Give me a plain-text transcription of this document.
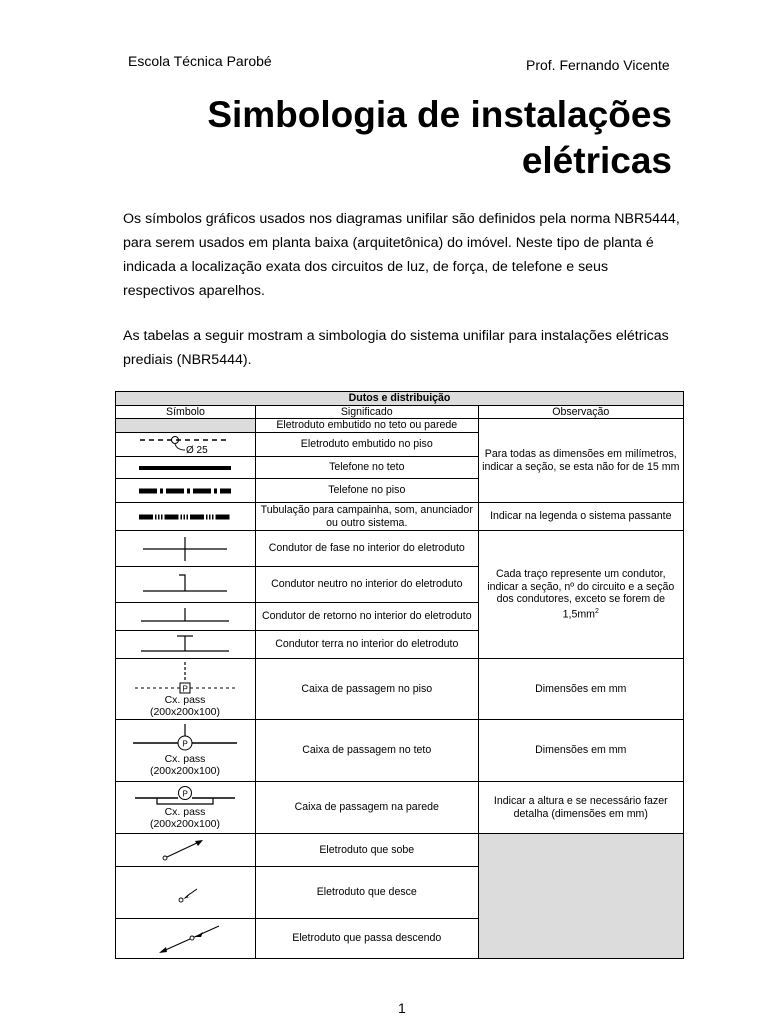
Escola Técnica Parobé	Prof. Fernando Vicente
Simbologia de instalações
elétricas
Os símbolos gráficos usados nos diagramas unifilar são definidos pela norma NBR5444, para serem usados em planta baixa (arquitetônica) do imóvel. Neste tipo de planta é indicada a localização exata dos circuitos de luz, de força, de telefone e seus respectivos aparelhos.
As tabelas a seguir mostram a simbologia do sistema unifilar para instalações elétricas prediais (NBR5444).
Dutos e distribuição		
Símbolo	Significado	Observação
	Eletroduto embutido no teto ou parede	Para todas as dimensões em milímetros, indicar a seção, se esta não for de 15 mm

Ø 25	Eletroduto embutido no piso	

	Telefone no teto	

	Telefone no piso	

	Tubulação para campainha, som, anunciador ou outro sistema.	Indicar na legenda o sistema passante

	Condutor de fase no interior do eletroduto	Cada traço represente um condutor, indicar a seção, nº do circuito e a seção dos condutores, exceto se forem de $1,5mm^2$

	Condutor neutro no interior do eletroduto	

	Condutor de retorno no interior do eletroduto	

	Condutor terra no interior do eletroduto	

P
Cx. pass
(200x200x100)	Caixa de passagem no piso	Dimensões em mm

P
Cx. pass
(200x200x100)	Caixa de passagem no teto	Dimensões em mm

P
Cx. pass
(200x200x100)	Caixa de passagem na parede	Indicar a altura e se necessário fazer detalha (dimensões em mm)

	Eletroduto que sobe	

	Eletroduto que desce	

	Eletroduto que passa descendo	
1
